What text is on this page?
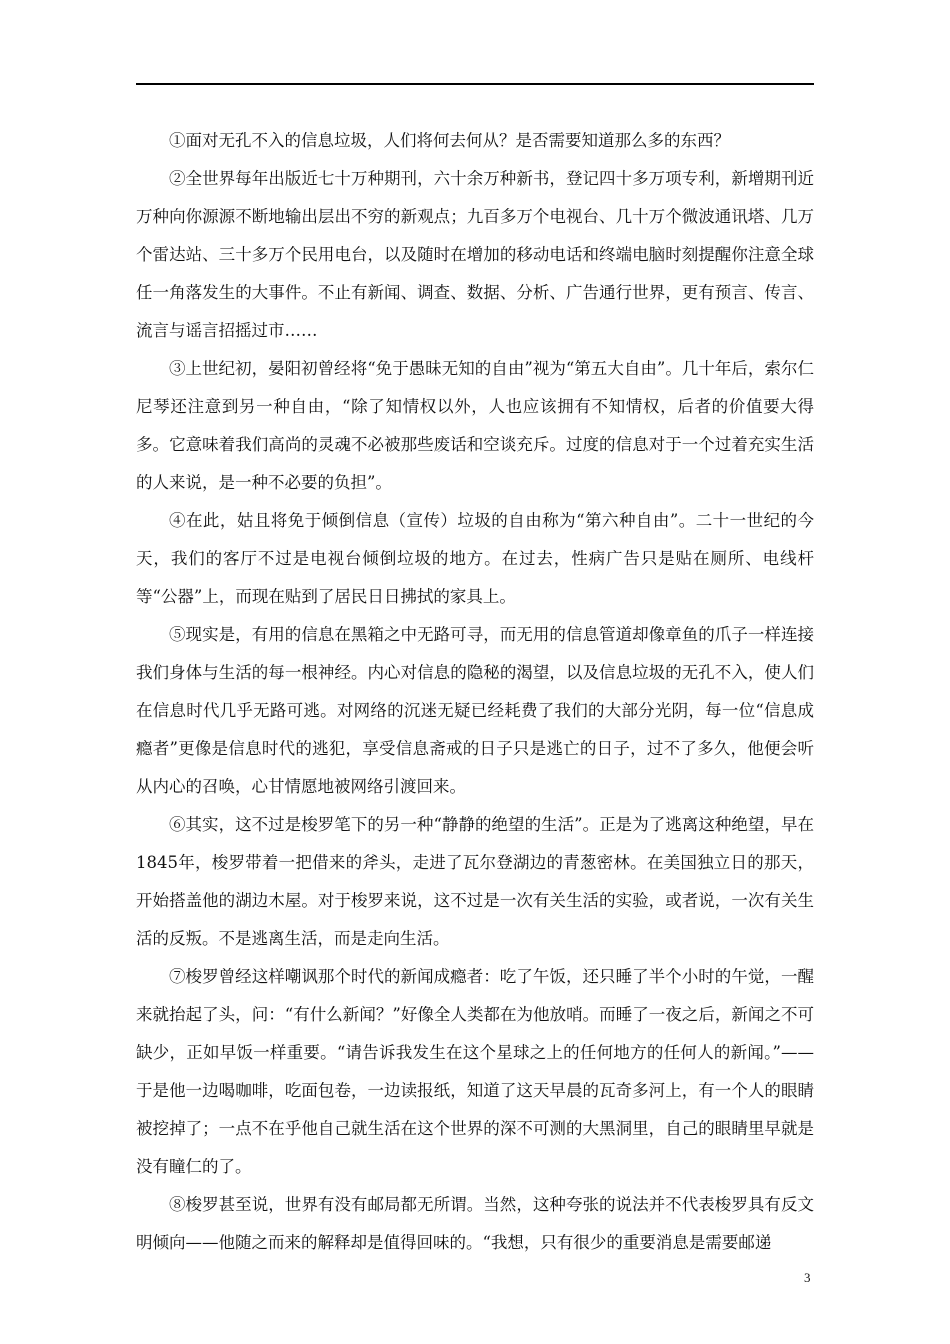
①面对无孔不入的信息垃圾，人们将何去何从？是否需要知道那么多的东西？

②全世界每年出版近七十万种期刊，六十余万种新书，登记四十多万项专利，新增期刊近万种向你源源不断地输出层出不穷的新观点；九百多万个电视台、几十万个微波通讯塔、几万个雷达站、三十多万个民用电台，以及随时在增加的移动电话和终端电脑时刻提醒你注意全球任一角落发生的大事件。不止有新闻、调查、数据、分析、广告通行世界，更有预言、传言、流言与谣言招摇过市……

③上世纪初，晏阳初曾经将“免于愚昧无知的自由”视为“第五大自由”。几十年后，索尔仁尼琴还注意到另一种自由，“除了知情权以外，人也应该拥有不知情权，后者的价值要大得多。它意味着我们高尚的灵魂不必被那些废话和空谈充斥。过度的信息对于一个过着充实生活的人来说，是一种不必要的负担”。

④在此，姑且将免于倾倒信息（宣传）垃圾的自由称为“第六种自由”。二十一世纪的今天，我们的客厅不过是电视台倾倒垃圾的地方。在过去，性病广告只是贴在厕所、电线杆等“公器”上，而现在贴到了居民日日拂拭的家具上。

⑤现实是，有用的信息在黑箱之中无路可寻，而无用的信息管道却像章鱼的爪子一样连接我们身体与生活的每一根神经。内心对信息的隐秘的渴望，以及信息垃圾的无孔不入，使人们在信息时代几乎无路可逃。对网络的沉迷无疑已经耗费了我们的大部分光阴，每一位“信息成瘾者”更像是信息时代的逃犯，享受信息斋戒的日子只是逃亡的日子，过不了多久，他便会听从内心的召唤，心甘情愿地被网络引渡回来。

⑥其实，这不过是梭罗笔下的另一种“静静的绝望的生活”。正是为了逃离这种绝望，早在1845年，梭罗带着一把借来的斧头，走进了瓦尔登湖边的青葱密林。在美国独立日的那天，开始搭盖他的湖边木屋。对于梭罗来说，这不过是一次有关生活的实验，或者说，一次有关生活的反叛。不是逃离生活，而是走向生活。

⑦梭罗曾经这样嘲讽那个时代的新闻成瘾者：吃了午饭，还只睡了半个小时的午觉，一醒来就抬起了头，问：“有什么新闻？”好像全人类都在为他放哨。而睡了一夜之后，新闻之不可缺少，正如早饭一样重要。“请告诉我发生在这个星球之上的任何地方的任何人的新闻。”——于是他一边喝咖啡，吃面包卷，一边读报纸，知道了这天早晨的瓦奇多河上，有一个人的眼睛被挖掉了；一点不在乎他自己就生活在这个世界的深不可测的大黑洞里，自己的眼睛里早就是没有瞳仁的了。

⑧梭罗甚至说，世界有没有邮局都无所谓。当然，这种夸张的说法并不代表梭罗具有反文明倾向——他随之而来的解释却是值得回味的。“我想，只有很少的重要消息是需要邮递

3
